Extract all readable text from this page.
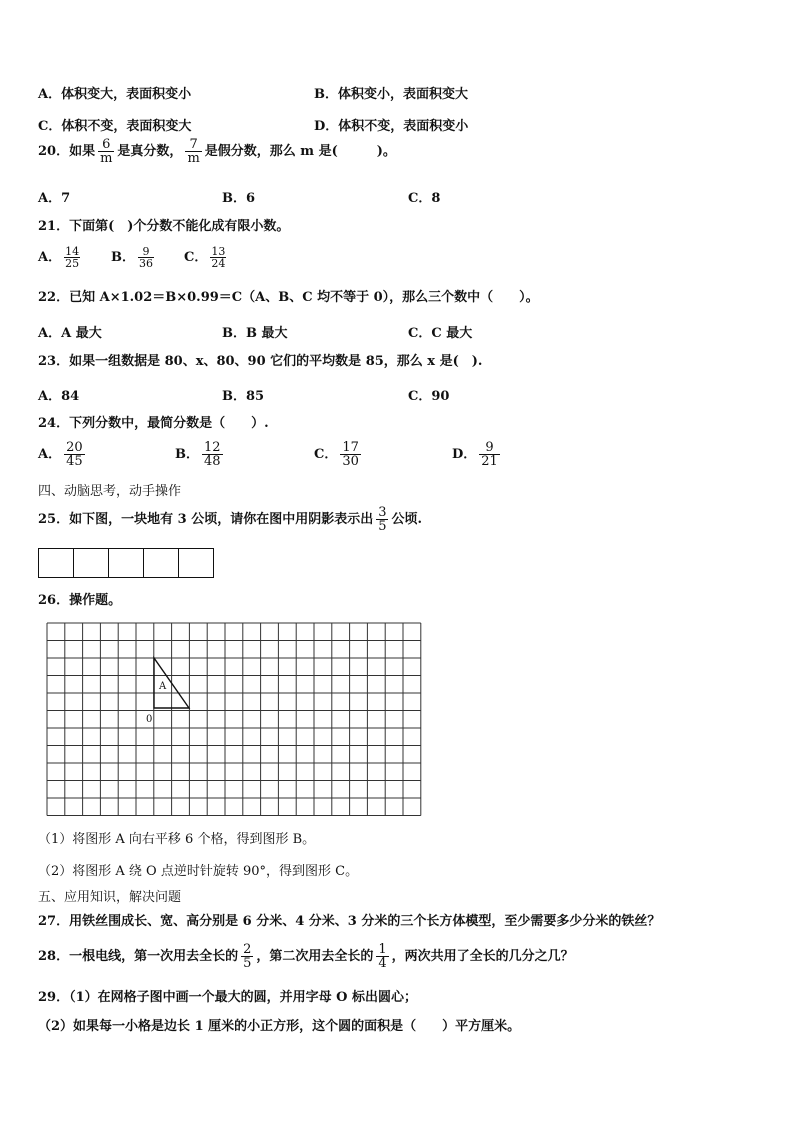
A．体积变大，表面积变小	B．体积变小，表面积变大
C．体积不变，表面积变大	D．体积不变，表面积变小
20．如果 $\frac{6}{m}$ 是真分数， $\frac{7}{m}$ 是假分数，那么 m 是(　　　)。
A．7	B．6	C．8
21．下面第(　)个分数不能化成有限小数。
A． $\frac{14}{25}$ B． $\frac{9}{36}$ C． $\frac{13}{24}$
22．已知 A×1.02＝B×0.99＝C（A、B、C 均不等于 0），那么三个数中（　　）。
A．A 最大	B．B 最大	C．C 最大
23．如果一组数据是 80、x、80、90 它们的平均数是 85，那么 x 是(　).
A．84	B．85	C．90
24．下列分数中，最简分数是（　　）.
A． $\frac{20}{45}$	B． $\frac{12}{48}$	C． $\frac{17}{30}$	D． $\frac{9}{21}$
四、动脑思考，动手操作
25．如下图，一块地有 3 公顷，请你在图中用阴影表示出 $\frac{3}{5}$ 公顷.
26．操作题。
A
0
（1）将图形 A 向右平移 6 个格，得到图形 B。
（2）将图形 A 绕 O 点逆时针旋转 90°，得到图形 C。
五、应用知识，解决问题
27．用铁丝围成长、宽、高分别是 6 分米、4 分米、3 分米的三个长方体模型，至少需要多少分米的铁丝？
28．一根电线，第一次用去全长的 $\frac{2}{5}$ ，第二次用去全长的 $\frac{1}{4}$ ，两次共用了全长的几分之几？
29．（1）在网格子图中画一个最大的圆，并用字母 O 标出圆心；
（2）如果每一小格是边长 1 厘米的小正方形，这个圆的面积是（　　）平方厘米。
